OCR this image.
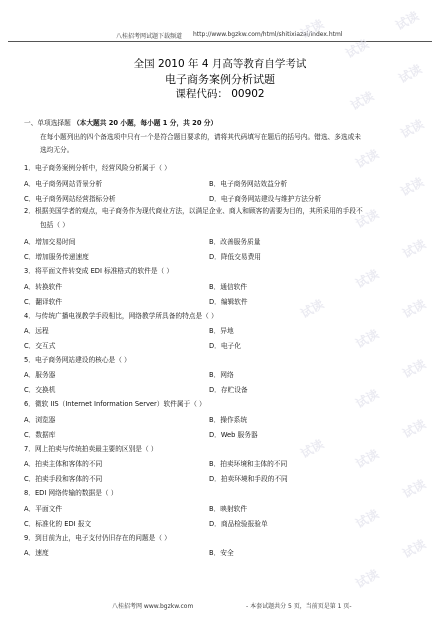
八桂招考网试题下载频道 http://www.bgzkw.com/html/shitixiazai/index.html
全国 2010 年 4 月高等教育自学考试
电子商务案例分析试题
课程代码： 00902
一、单项选择题 （本大题共 20 小题，每小题 1 分，共 20 分）
在每小题列出的四个备选项中只有一个是符合题目要求的，请将其代码填写在题后的括号内。错选、多选或未
选均无分。
1．电子商务案例分析中，经营风险分析属于（ ）
A．电子商务网站背景分析	B．电子商务网站效益分析
C．电子商务网站经营指标分析	D．电子商务网站建设与维护方法分析
2．根据美国学者的观点，电子商务作为现代商业方法，以满足企业、商人和顾客的需要为目的，其所采用的手段不
包括（ ）
A．增加交易时间	B．改善服务质量
C．增加服务传递速度	D．降低交易费用
3．将平面文件转变成 EDI 标准格式的软件是（ ）
A．转换软件	B．通信软件
C．翻译软件	D．编辑软件
4．与传统广播电视教学手段相比，网络教学所具备的特点是（ ）
A．远程	B．异地
C．交互式	D．电子化
5．电子商务网站建设的核心是（ ）
A．服务器	B．网络
C．交换机	D．存贮设备
6．微软 IIS（Internet Information Server）软件属于（ ）
A．浏览器	B．操作系统
C．数据库	D．Web 服务器
7．网上拍卖与传统拍卖最主要的区别是（ ）
A．拍卖主体和客体的不同	B．拍卖环境和主体的不同
C．拍卖手段和客体的不同	D．拍卖环境和手段的不同
8．EDI 网络传输的数据是（ ）
A．平面文件	B．映射软件
C．标准化的 EDI 报文	D．商品检验报验单
9．到目前为止，电子支付仍旧存在的问题是（ ）
A．速度	B．安全
八桂招考网 www.bgzkw.com	- 本套试题共分 5 页，当前页是第 1 页-
试读
试读
试读
试读
试读
试读
试读
试读
试读
试读
试读
试读
试读
试读
试读
试读
试读
试读
试读
试读
试读
试读
试读
